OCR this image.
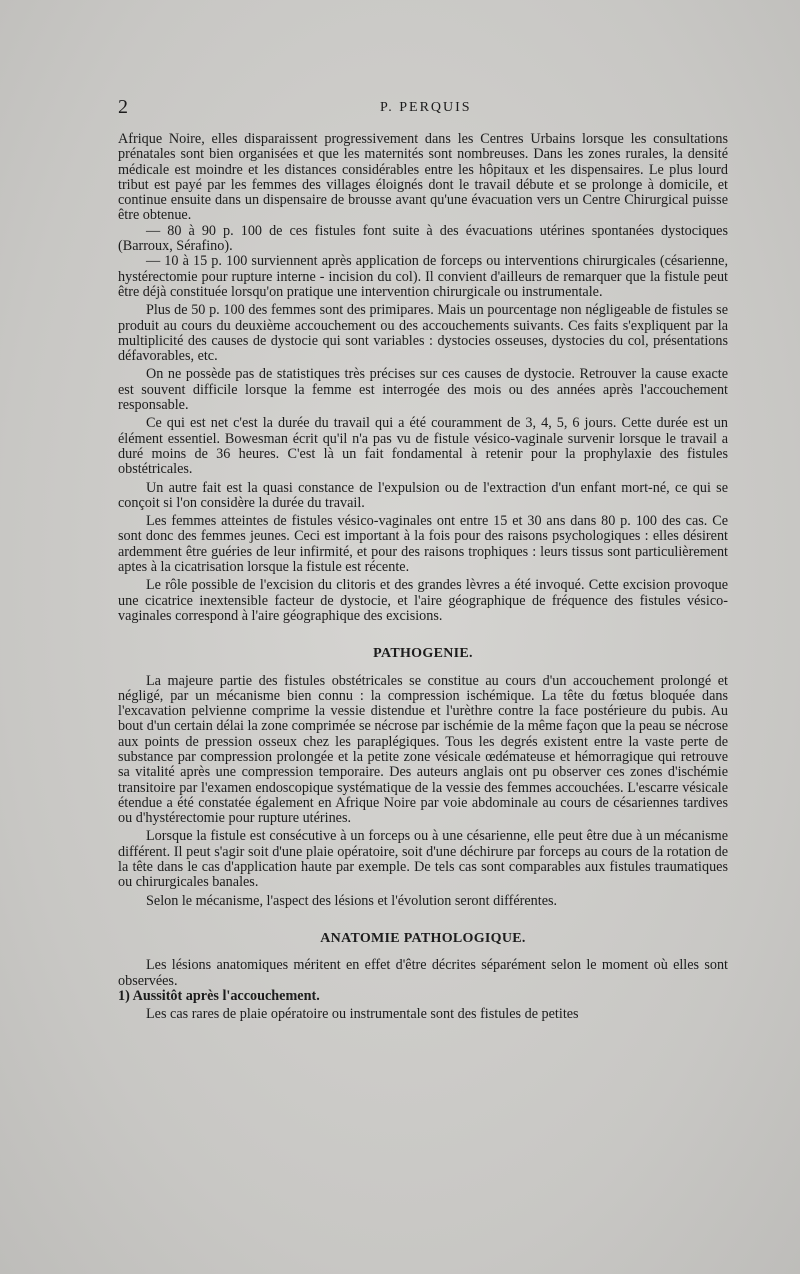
2	P. PERQUIS

Afrique Noire, elles disparaissent progressivement dans les Centres Urbains lorsque les consultations prénatales sont bien organisées et que les maternités sont nombreuses. Dans les zones rurales, la densité médicale est moindre et les distances considérables entre les hôpitaux et les dispensaires. Le plus lourd tribut est payé par les femmes des villages éloignés dont le travail débute et se prolonge à domicile, et continue ensuite dans un dispensaire de brousse avant qu'une évacuation vers un Centre Chirurgical puisse être obtenue.

— 80 à 90 p. 100 de ces fistules font suite à des évacuations utérines spontanées dystociques (Barroux, Sérafino).

— 10 à 15 p. 100 surviennent après application de forceps ou interventions chirurgicales (césarienne, hystérectomie pour rupture interne - incision du col). Il convient d'ailleurs de remarquer que la fistule peut être déjà constituée lorsqu'on pratique une intervention chirurgicale ou instrumentale.

Plus de 50 p. 100 des femmes sont des primipares. Mais un pourcentage non négligeable de fistules se produit au cours du deuxième accouchement ou des accouchements suivants. Ces faits s'expliquent par la multiplicité des causes de dystocie qui sont variables : dystocies osseuses, dystocies du col, présentations défavorables, etc.

On ne possède pas de statistiques très précises sur ces causes de dystocie. Retrouver la cause exacte est souvent difficile lorsque la femme est interrogée des mois ou des années après l'accouchement responsable.

Ce qui est net c'est la durée du travail qui a été couramment de 3, 4, 5, 6 jours. Cette durée est un élément essentiel. Bowesman écrit qu'il n'a pas vu de fistule vésico-vaginale survenir lorsque le travail a duré moins de 36 heures. C'est là un fait fondamental à retenir pour la prophylaxie des fistules obstétricales.

Un autre fait est la quasi constance de l'expulsion ou de l'extraction d'un enfant mort-né, ce qui se conçoit si l'on considère la durée du travail.

Les femmes atteintes de fistules vésico-vaginales ont entre 15 et 30 ans dans 80 p. 100 des cas. Ce sont donc des femmes jeunes. Ceci est important à la fois pour des raisons psychologiques : elles désirent ardemment être guéries de leur infirmité, et pour des raisons trophiques : leurs tissus sont particulièrement aptes à la cicatrisation lorsque la fistule est récente.

Le rôle possible de l'excision du clitoris et des grandes lèvres a été invoqué. Cette excision provoque une cicatrice inextensible facteur de dystocie, et l'aire géographique de fréquence des fistules vésico-vaginales correspond à l'aire géographique des excisions.

PATHOGENIE.

La majeure partie des fistules obstétricales se constitue au cours d'un accouchement prolongé et négligé, par un mécanisme bien connu : la compression ischémique. La tête du fœtus bloquée dans l'excavation pelvienne comprime la vessie distendue et l'urèthre contre la face postérieure du pubis. Au bout d'un certain délai la zone comprimée se nécrose par ischémie de la même façon que la peau se nécrose aux points de pression osseux chez les paraplégiques. Tous les degrés existent entre la vaste perte de substance par compression prolongée et la petite zone vésicale œdémateuse et hémorragique qui retrouve sa vitalité après une compression temporaire. Des auteurs anglais ont pu observer ces zones d'ischémie transitoire par l'examen endoscopique systématique de la vessie des femmes accouchées. L'escarre vésicale étendue a été constatée également en Afrique Noire par voie abdominale au cours de césariennes tardives ou d'hystérectomie pour rupture utérines.

Lorsque la fistule est consécutive à un forceps ou à une césarienne, elle peut être due à un mécanisme différent. Il peut s'agir soit d'une plaie opératoire, soit d'une déchirure par forceps au cours de la rotation de la tête dans le cas d'application haute par exemple. De tels cas sont comparables aux fistules traumatiques ou chirurgicales banales.

Selon le mécanisme, l'aspect des lésions et l'évolution seront différentes.

ANATOMIE PATHOLOGIQUE.

Les lésions anatomiques méritent en effet d'être décrites séparément selon le moment où elles sont observées.

1) Aussitôt après l'accouchement.

Les cas rares de plaie opératoire ou instrumentale sont des fistules de petites
